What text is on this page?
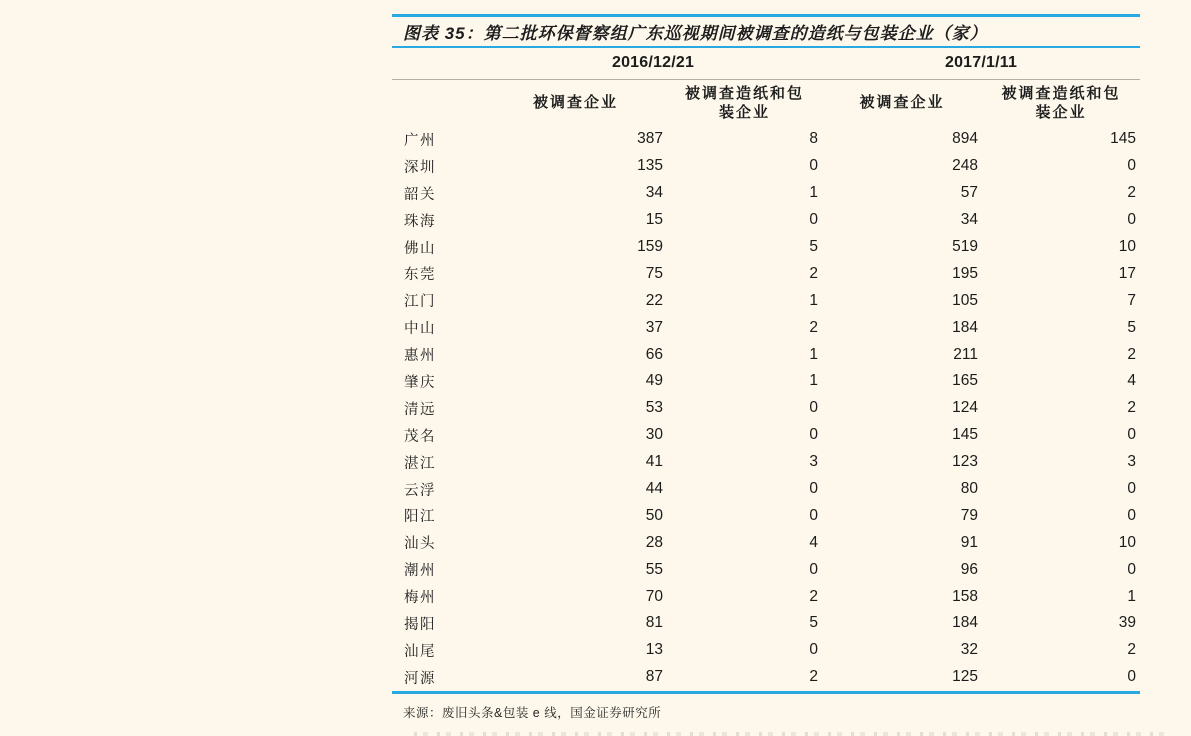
图表 35：第二批环保督察组广东巡视期间被调查的造纸与包装企业（家）
	2016/12/21		2017/1/11	
	被调查企业	被调查造纸和包装企业	被调查企业	被调查造纸和包装企业
广州	387	8	894	145
深圳	135	0	248	0
韶关	34	1	57	2
珠海	15	0	34	0
佛山	159	5	519	10
东莞	75	2	195	17
江门	22	1	105	7
中山	37	2	184	5
惠州	66	1	211	2
肇庆	49	1	165	4
清远	53	0	124	2
茂名	30	0	145	0
湛江	41	3	123	3
云浮	44	0	80	0
阳江	50	0	79	0
汕头	28	4	91	10
潮州	55	0	96	0
梅州	70	2	158	1
揭阳	81	5	184	39
汕尾	13	0	32	2
河源	87	2	125	0
来源：废旧头条&包装 e 线，国金证券研究所
